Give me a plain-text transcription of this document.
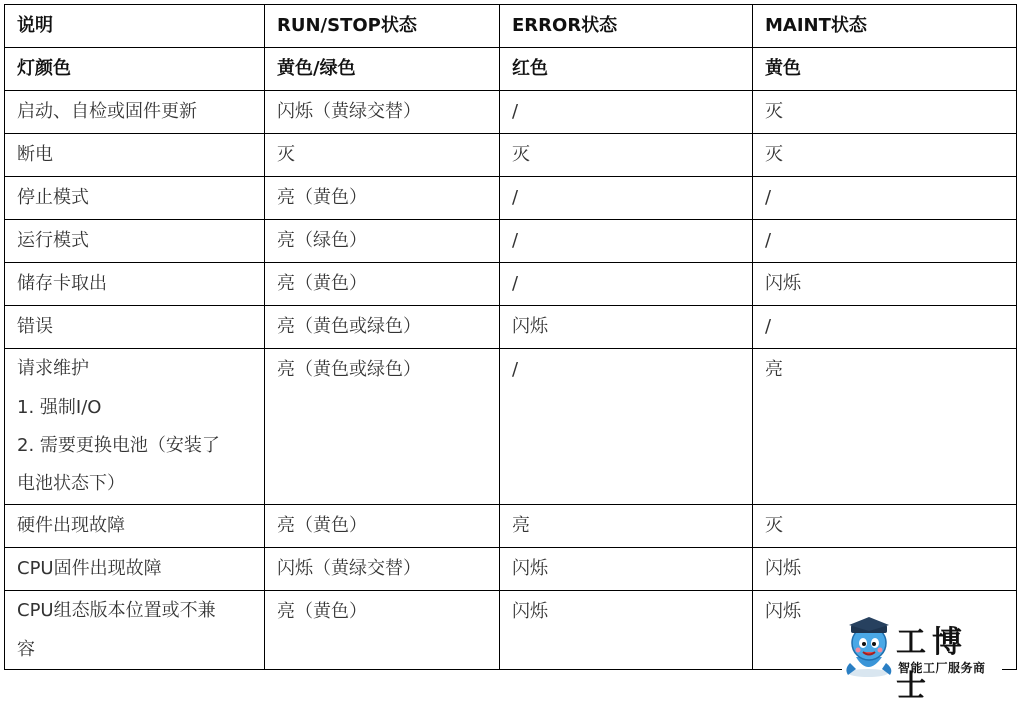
说明	RUN/STOP状态	ERROR状态	MAINT状态
灯颜色	黄色/绿色	红色	黄色
启动、自检或固件更新	闪烁（黄绿交替）	/	灭
断电	灭	灭	灭
停止模式	亮（黄色）	/	/
运行模式	亮（绿色）	/	/
储存卡取出	亮（黄色）	/	闪烁
错误	亮（黄色或绿色）	闪烁	/

请求维护
1. 强制I/O
2. 需要更换电池（安装了
电池状态下）	亮（黄色或绿色）	/	亮
硬件出现故障	亮（黄色）	亮	灭
CPU固件出现故障	闪烁（黄绿交替）	闪烁	闪烁

CPU组态版本位置或不兼
容	亮（黄色）	闪烁	闪烁
工博士
智能工厂服务商
